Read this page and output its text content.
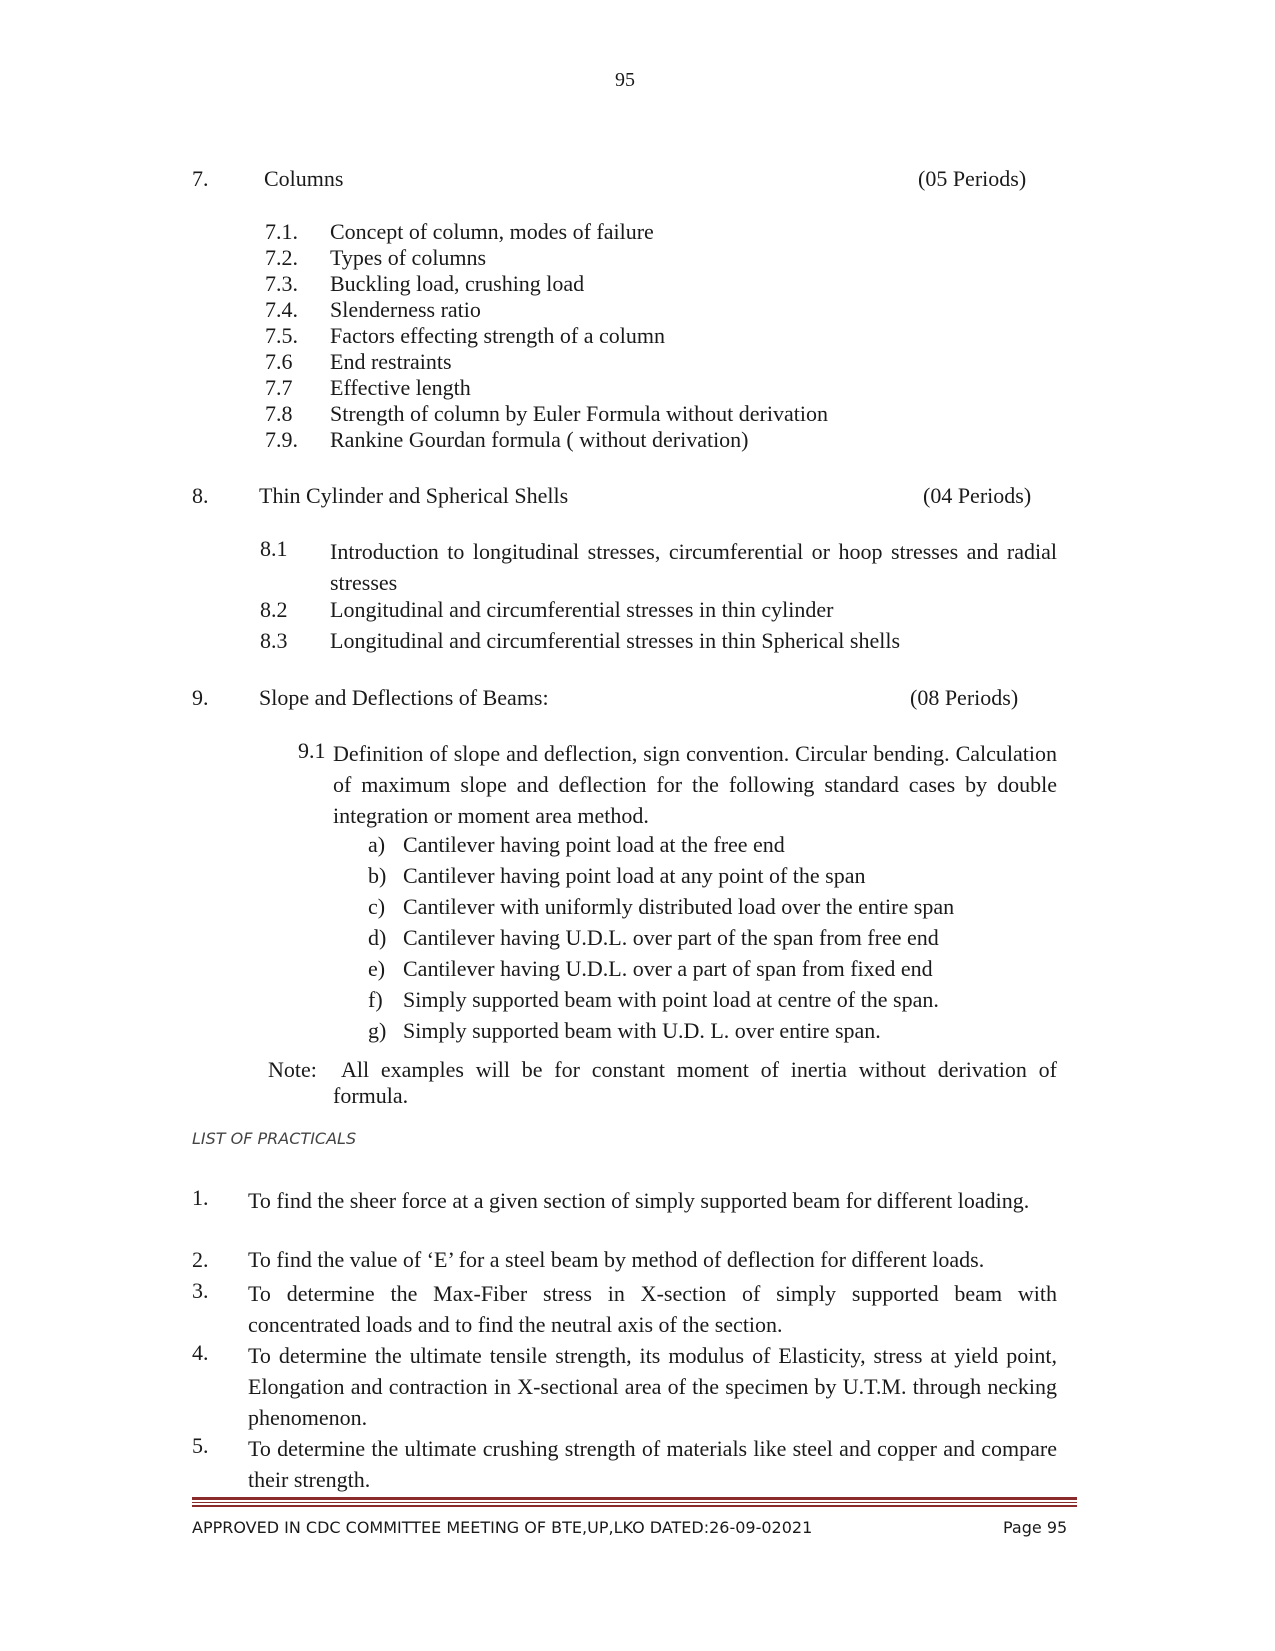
95
7.	Columns	(05 Periods)
7.1. Concept of column, modes of failure
7.2. Types of columns
7.3. Buckling load, crushing load
7.4. Slenderness ratio
7.5. Factors effecting strength of a column
7.6 End restraints
7.7 Effective length
7.8 Strength of column by Euler Formula without derivation
7.9. Rankine Gourdan formula ( without derivation)
8. Thin Cylinder and Spherical Shells	(04 Periods)
8.1 Introduction to longitudinal stresses, circumferential or hoop stresses and radial stresses
8.2 Longitudinal and circumferential stresses in thin cylinder
8.3 Longitudinal and circumferential stresses in thin Spherical shells
9. Slope and Deflections of Beams:	(08 Periods)
9.1 Definition of slope and deflection, sign convention. Circular bending. Calculation of maximum slope and deflection for the following standard cases by double integration or moment area method.
a) Cantilever having point load at the free end
b) Cantilever having point load at any point of the span
c) Cantilever with uniformly distributed load over the entire span
d) Cantilever having U.D.L. over part of the span from free end
e) Cantilever having U.D.L. over a part of span from fixed end
f) Simply supported beam with point load at centre of the span.
g) Simply supported beam with U.D. L. over entire span.
Note:	All examples will be for constant moment of inertia without derivation of formula.
LIST OF PRACTICALS
1. To find the sheer force at a given section of simply supported beam for different loading.
2. To find the value of ‘E’ for a steel beam by method of deflection for different loads.
3. To determine the Max-Fiber stress in X-section of simply supported beam with concentrated loads and to find the neutral axis of the section.
4. To determine the ultimate tensile strength, its modulus of Elasticity, stress at yield point, Elongation and contraction in X-sectional area of the specimen by U.T.M. through necking phenomenon.
5. To determine the ultimate crushing strength of materials like steel and copper and compare their strength.
APPROVED IN CDC COMMITTEE MEETING OF BTE,UP,LKO DATED:26-09-02021	Page 95
